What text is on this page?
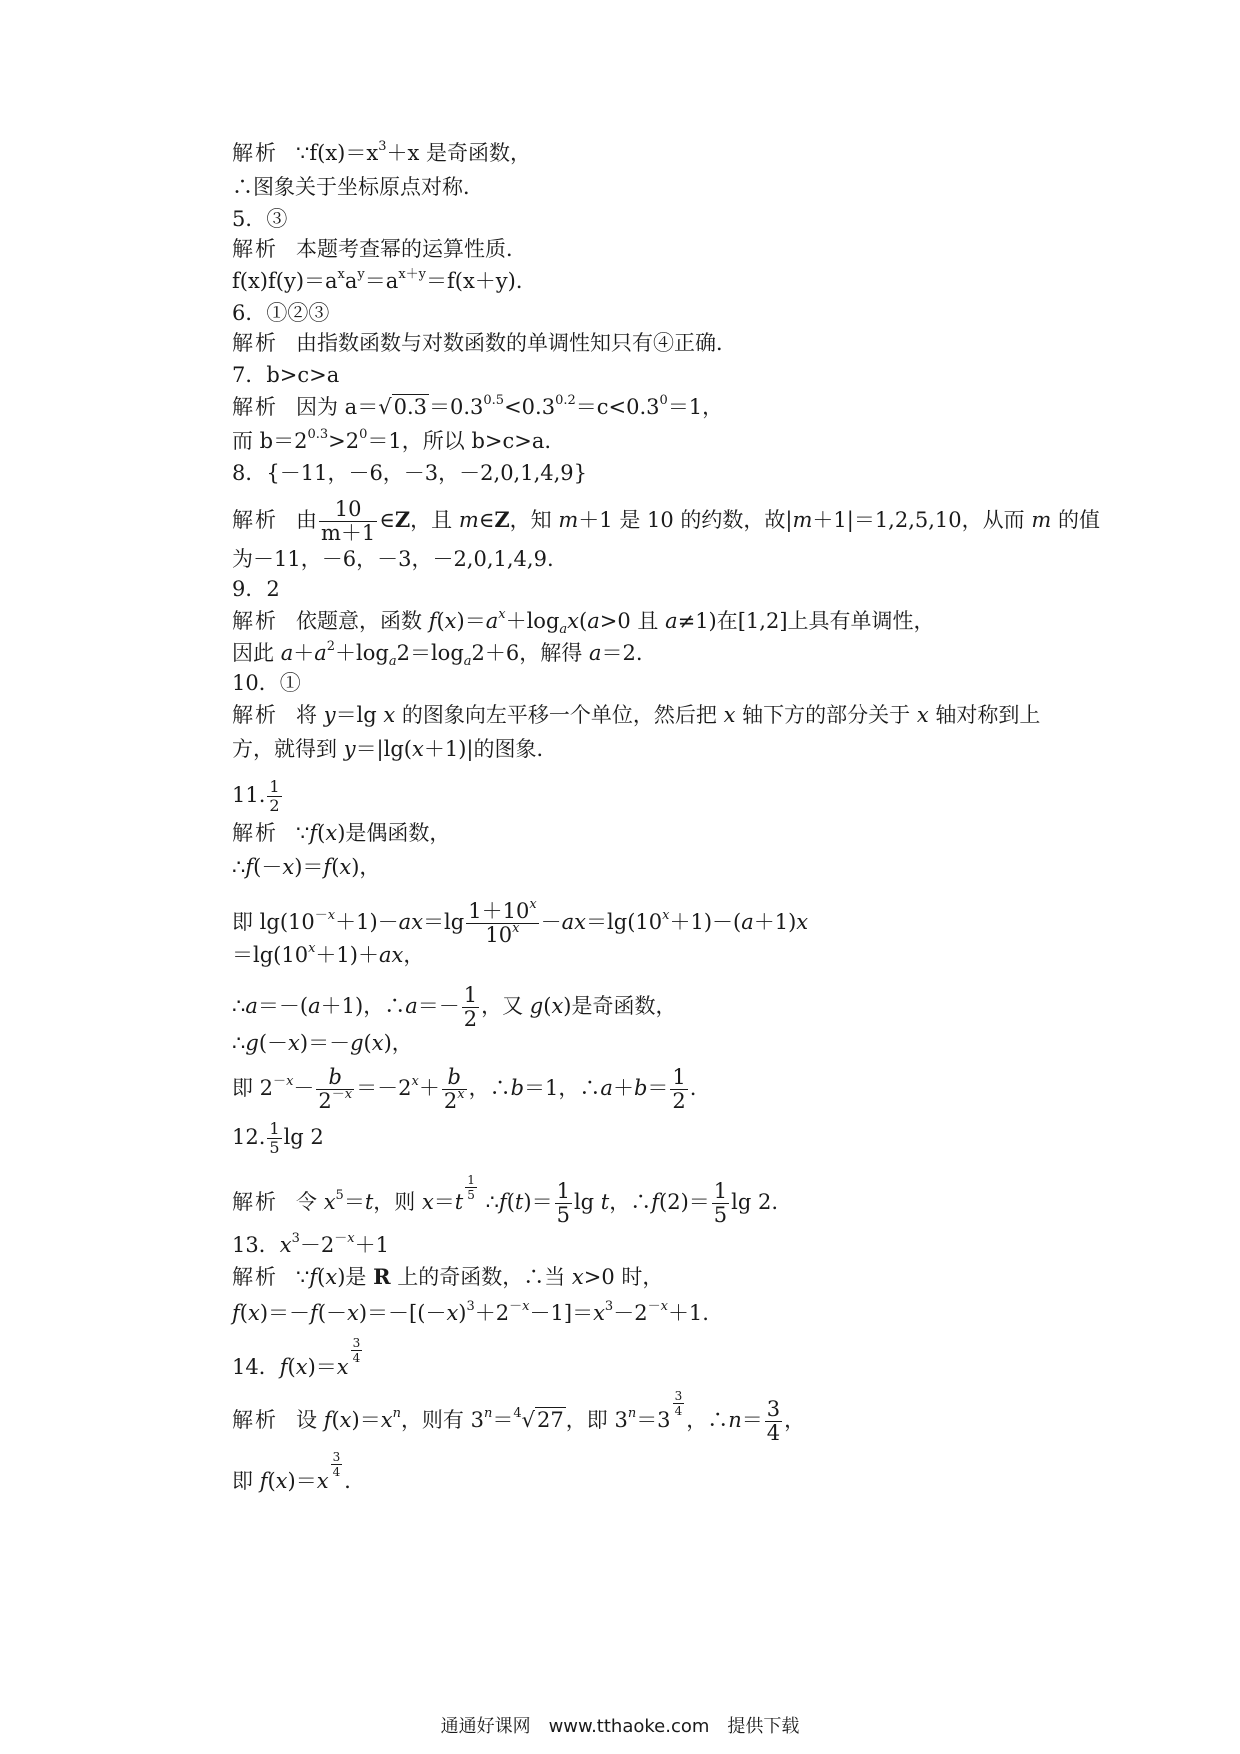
解析 $\because f(x)=x^3+x$ 是奇函数，
∴图象关于坐标原点对称．
5．③
解析 本题考查幂的运算性质．
$f(x)f(y)=a^xa^y=a^{x+y}=f(x+y)$．
6．①②③
解析 由指数函数与对数函数的单调性知只有④正确．
7．b>c>a
解析 因为 $a=√0.3=0.3^{0.5}<0.3^{0.2}=c<0.3^0=1$，
而 $b=2^{0.3}>2^0=1$，所以 b>c>a.
8．{－11，－6，－3，－2,0,1,4,9}
解析 由 $\frac{10}{m+1}$ ∈Z，且 m∈Z，知 m＋1 是 10 的约数，故|m＋1|＝1,2,5,10，从而 m 的值
为－11，－6，－3，－2,0,1,4,9.
9．2
解析 依题意，函数 $f(x)=a^x+\log_ax(a>0$ 且 a≠1)在[1,2]上具有单调性，
因此 $a+a^2+\log_a2=\log_a2+6$，解得 a＝2.
10．①
解析 将 y＝lg x 的图象向左平移一个单位，然后把 x 轴下方的部分关于 x 轴对称到上
方，就得到 y＝|lg(x＋1)|的图象．
11. $\frac{1}{2}$
解析 ∵f(x)是偶函数，
∴f(－x)＝f(x)，
即 $\lg(10^{-x}+1)-ax=\lg \frac{1+10^x}{10^x} -ax=\lg(10^x+1)-(a+1)x$
$=\lg(10^x+1)+ax$，
∴a＝－(a＋1)，∴a＝－ $\frac{1}{2}$ ，又 g(x)是奇函数，
∴g(－x)＝－g(x)，
即 $2^{-x}- \frac{b}{2^{-x}} =-2^x+ \frac{b}{2^x}$ ，∴b＝1，∴a＋b＝ $\frac{1}{2}$ .
12. $\frac{1}{5}$ lg 2
解析 令 $x^5=t$，则 x＝t $^{\frac{1}{5}}$ ∴f(t)＝ $\frac{1}{5}$ lg t，∴f(2)＝ $\frac{1}{5}$ lg 2.
13．$x^3-2^{-x}+1$
解析 ∵f(x)是 R 上的奇函数，∴当 x>0 时，
$f(x)=-f(-x)=-[(-x)^3+2^{-x}-1]=x^3-2^{-x}+1$.
14．f(x)＝x
$^{\frac{3}{4}}$
解析 设 $f(x)=x^n$，则有 $3^n=^4√27$，即 $3^n=3$
$^{\frac{3}{4}}$
，∴n＝ $\frac{3}{4}$ ，
即 f(x)＝x
$^{\frac{3}{4}}$
．
通通好课网　www.tthaoke.com　提供下载
